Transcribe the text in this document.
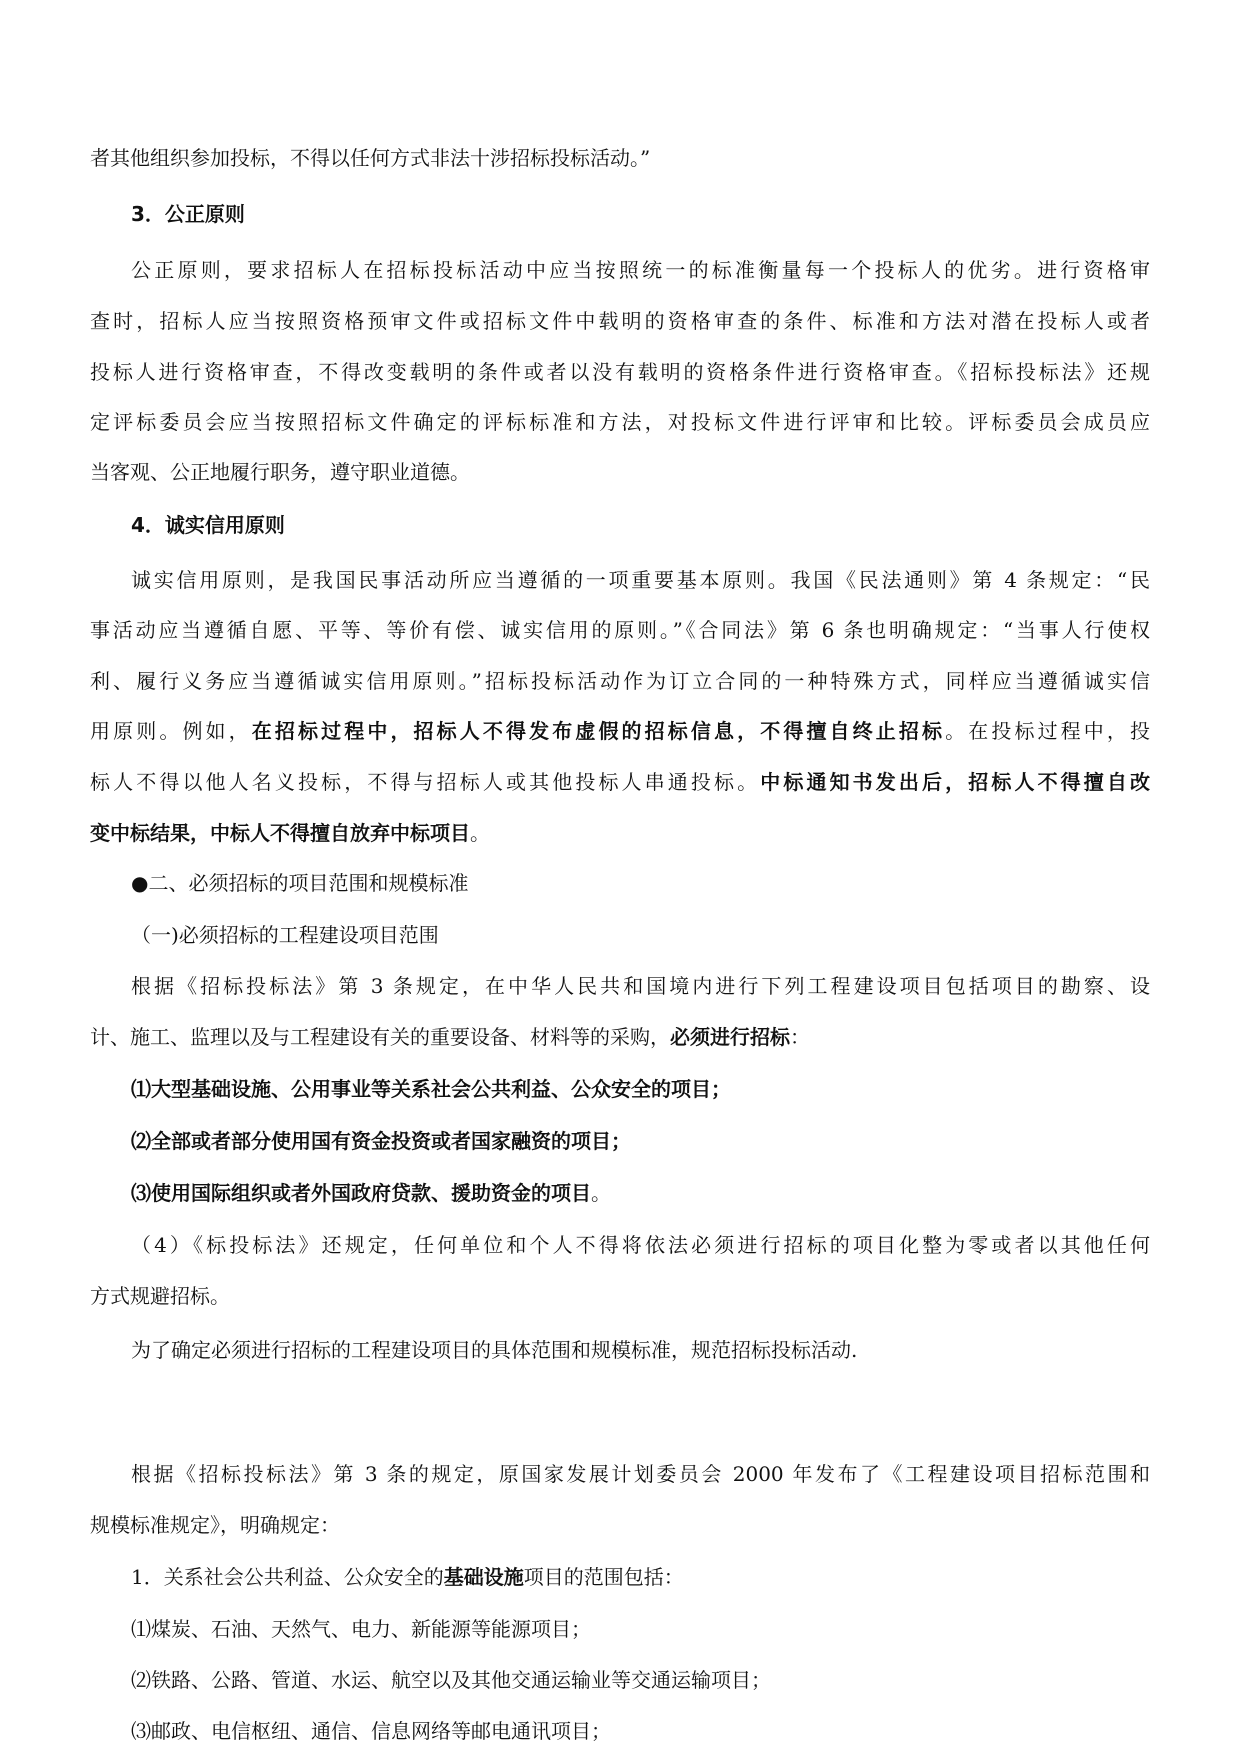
者其他组织参加投标，不得以任何方式非法十涉招标投标活动。”
3．公正原则
公正原则，要求招标人在招标投标活动中应当按照统一的标准衡量每一个投标人的优劣。进行资格审
查时，招标人应当按照资格预审文件或招标文件中载明的资格审查的条件、标准和方法对潜在投标人或者
投标人进行资格审查，不得改变载明的条件或者以没有载明的资格条件进行资格审查。《招标投标法》还规
定评标委员会应当按照招标文件确定的评标标准和方法，对投标文件进行评审和比较。评标委员会成员应
当客观、公正地履行职务，遵守职业道德。
4．诚实信用原则
诚实信用原则，是我国民事活动所应当遵循的一项重要基本原则。我国《民法通则》第 4 条规定：“民
事活动应当遵循自愿、平等、等价有偿、诚实信用的原则。”《合同法》第 6 条也明确规定：“当事人行使权
利、履行义务应当遵循诚实信用原则。”招标投标活动作为订立合同的一种特殊方式，同样应当遵循诚实信
用原则。例如，在招标过程中，招标人不得发布虚假的招标信息，不得擅自终止招标。在投标过程中，投
标人不得以他人名义投标，不得与招标人或其他投标人串通投标。中标通知书发出后，招标人不得擅自改
变中标结果，中标人不得擅自放弃中标项目。
●二、必须招标的项目范围和规模标准
（一)必须招标的工程建设项目范围
根据《招标投标法》第 3 条规定，在中华人民共和国境内进行下列工程建设项目包括项目的勘察、设
计、施工、监理以及与工程建设有关的重要设备、材料等的采购，必须进行招标：
⑴大型基础设施、公用事业等关系社会公共利益、公众安全的项目；
⑵全部或者部分使用国有资金投资或者国家融资的项目；
⑶使用国际组织或者外国政府贷款、援助资金的项目。
（4）《标投标法》还规定，任何单位和个人不得将依法必须进行招标的项目化整为零或者以其他任何
方式规避招标。
为了确定必须进行招标的工程建设项目的具体范围和规模标准，规范招标投标活动.
根据《招标投标法》第 3 条的规定，原国家发展计划委员会 2000 年发布了《工程建设项目招标范围和
规模标准规定》，明确规定：
1．关系社会公共利益、公众安全的基础设施项目的范围包括：
⑴煤炭、石油、天然气、电力、新能源等能源项目；
⑵铁路、公路、管道、水运、航空以及其他交通运输业等交通运输项目；
⑶邮政、电信枢纽、通信、信息网络等邮电通讯项目；
